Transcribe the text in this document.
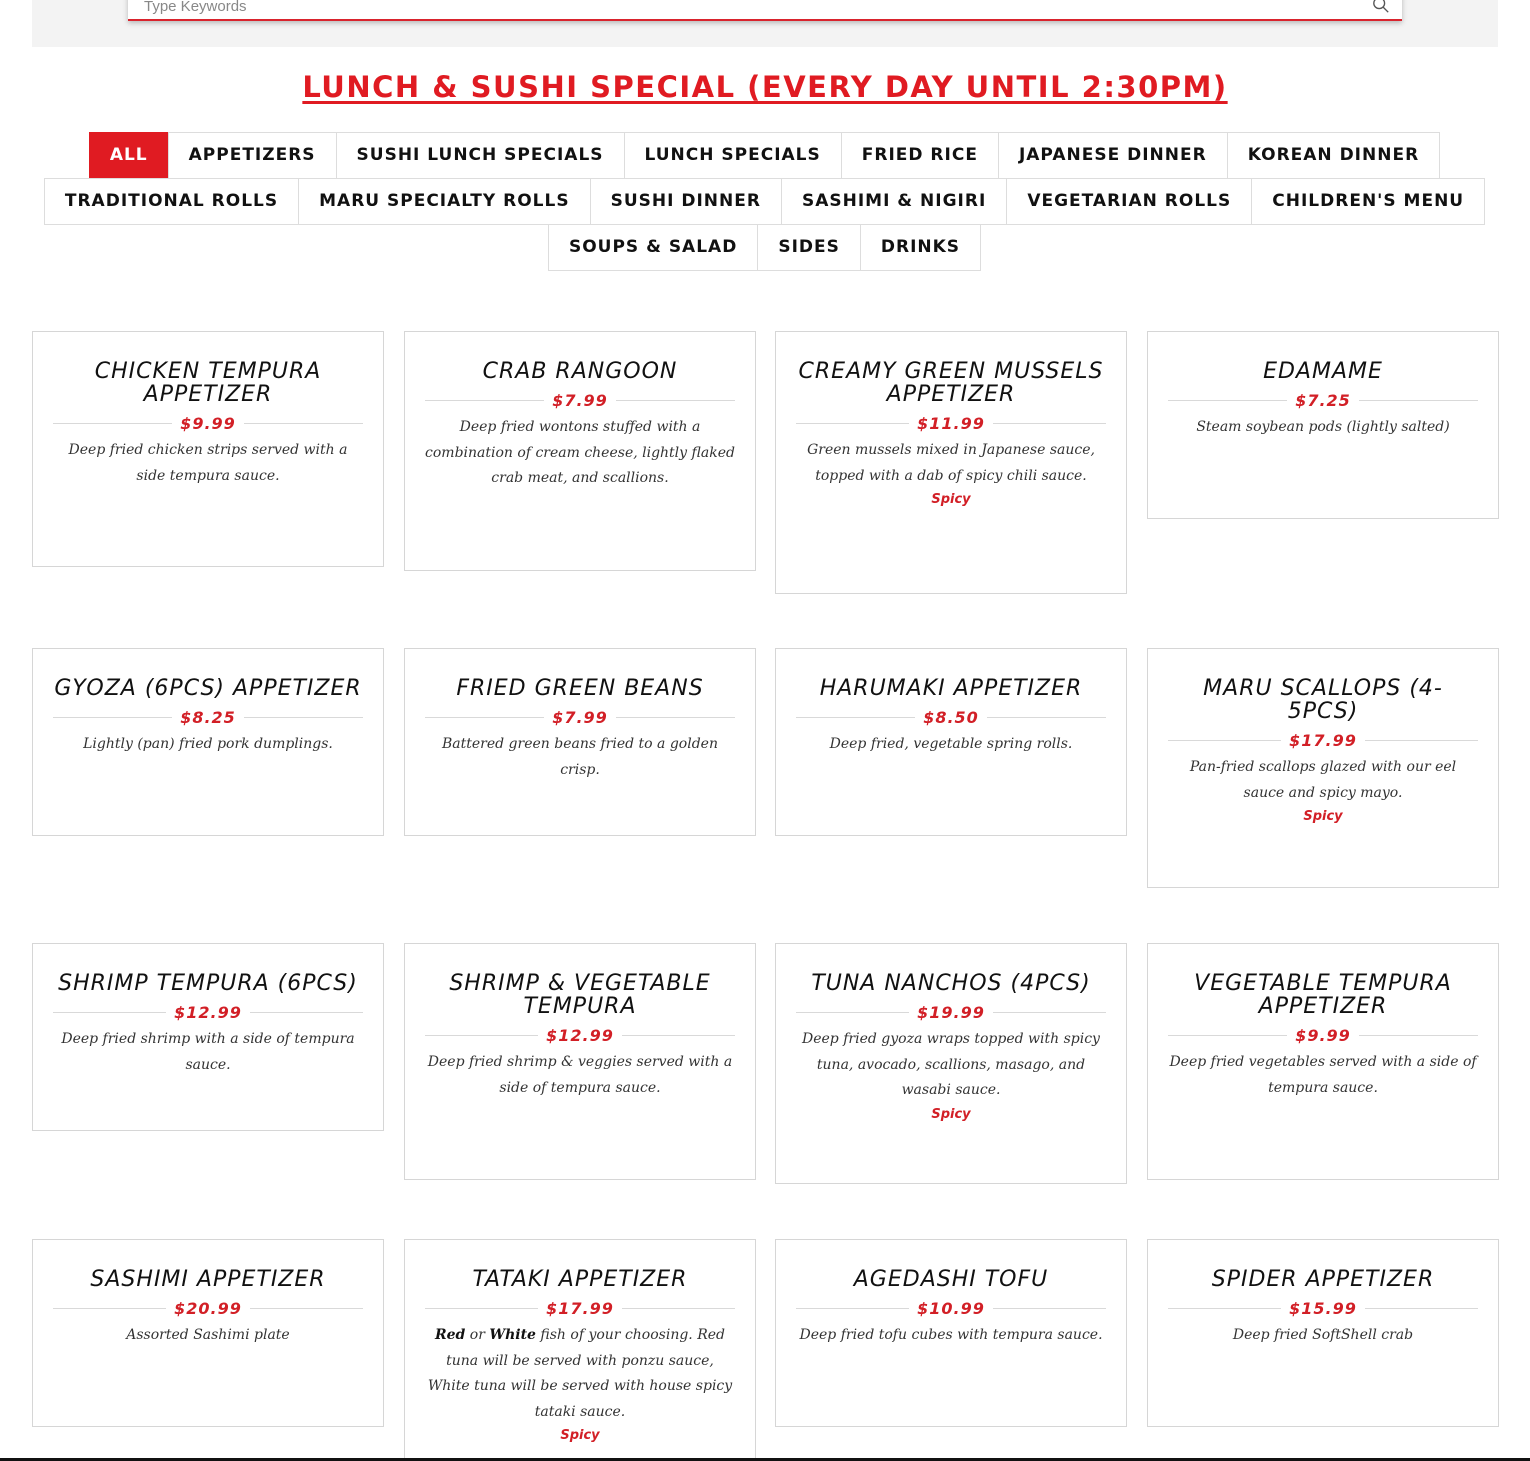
Type Keywords
LUNCH & SUSHI SPECIAL (EVERY DAY UNTIL 2:30PM)
ALL	APPETIZERS	SUSHI LUNCH SPECIALS	LUNCH SPECIALS	FRIED RICE	JAPANESE DINNER	KOREAN DINNER
TRADITIONAL ROLLS	MARU SPECIALTY ROLLS	SUSHI DINNER	SASHIMI & NIGIRI	VEGETARIAN ROLLS	CHILDREN'S MENU
SOUPS & SALAD	SIDES	DRINKS
CHICKEN TEMPURA APPETIZER
$9.99
Deep fried chicken strips served with a side tempura sauce.
CRAB RANGOON
$7.99
Deep fried wontons stuffed with a combination of cream cheese, lightly flaked crab meat, and scallions.
CREAMY GREEN MUSSELS APPETIZER
$11.99
Green mussels mixed in Japanese sauce, topped with a dab of spicy chili sauce.
Spicy
EDAMAME
$7.25
Steam soybean pods (lightly salted)
GYOZA (6PCS) APPETIZER
$8.25
Lightly (pan) fried pork dumplings.
FRIED GREEN BEANS
$7.99
Battered green beans fried to a golden crisp.
HARUMAKI APPETIZER
$8.50
Deep fried, vegetable spring rolls.
MARU SCALLOPS (4-5PCS)
$17.99
Pan-fried scallops glazed with our eel sauce and spicy mayo.
Spicy
SHRIMP TEMPURA (6PCS)
$12.99
Deep fried shrimp with a side of tempura sauce.
SHRIMP & VEGETABLE TEMPURA
$12.99
Deep fried shrimp & veggies served with a side of tempura sauce.
TUNA NANCHOS (4PCS)
$19.99
Deep fried gyoza wraps topped with spicy tuna, avocado, scallions, masago, and wasabi sauce.
Spicy
VEGETABLE TEMPURA APPETIZER
$9.99
Deep fried vegetables served with a side of tempura sauce.
SASHIMI APPETIZER
$20.99
Assorted Sashimi plate
TATAKI APPETIZER
$17.99
Red or White fish of your choosing. Red tuna will be served with ponzu sauce, White tuna will be served with house spicy tataki sauce.
Spicy
AGEDASHI TOFU
$10.99
Deep fried tofu cubes with tempura sauce.
SPIDER APPETIZER
$15.99
Deep fried SoftShell crab
